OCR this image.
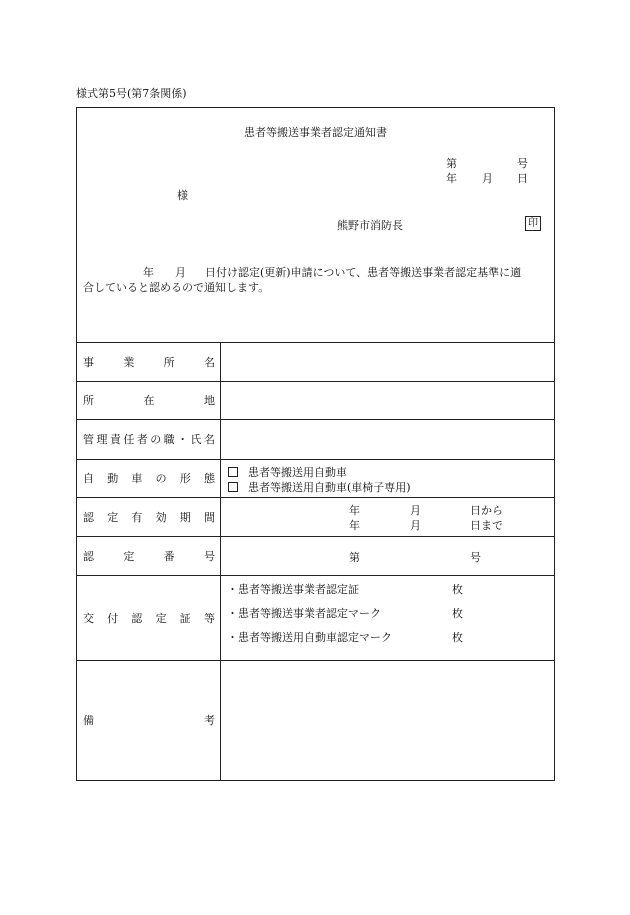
様式第5号(第7条関係)
患者等搬送事業者認定通知書
第	号
年 月 日
様
熊野市消防長	印
年 月 日付け認定(更新)申請について、患者等搬送事業者認定基準に適
合していると認めるので通知します。
事業所名
所在地
管理責任者の職・氏名
自動車の形態	患者等搬送用自動車
患者等搬送用自動車(車椅子専用)
認定有効期間	年	月	日から
年	月	日まで
認定番号	第	号
交付認定証等
・患者等搬送事業者認定証	枚
・患者等搬送事業者認定マーク	枚
・患者等搬送用自動車認定マーク	枚
備考
